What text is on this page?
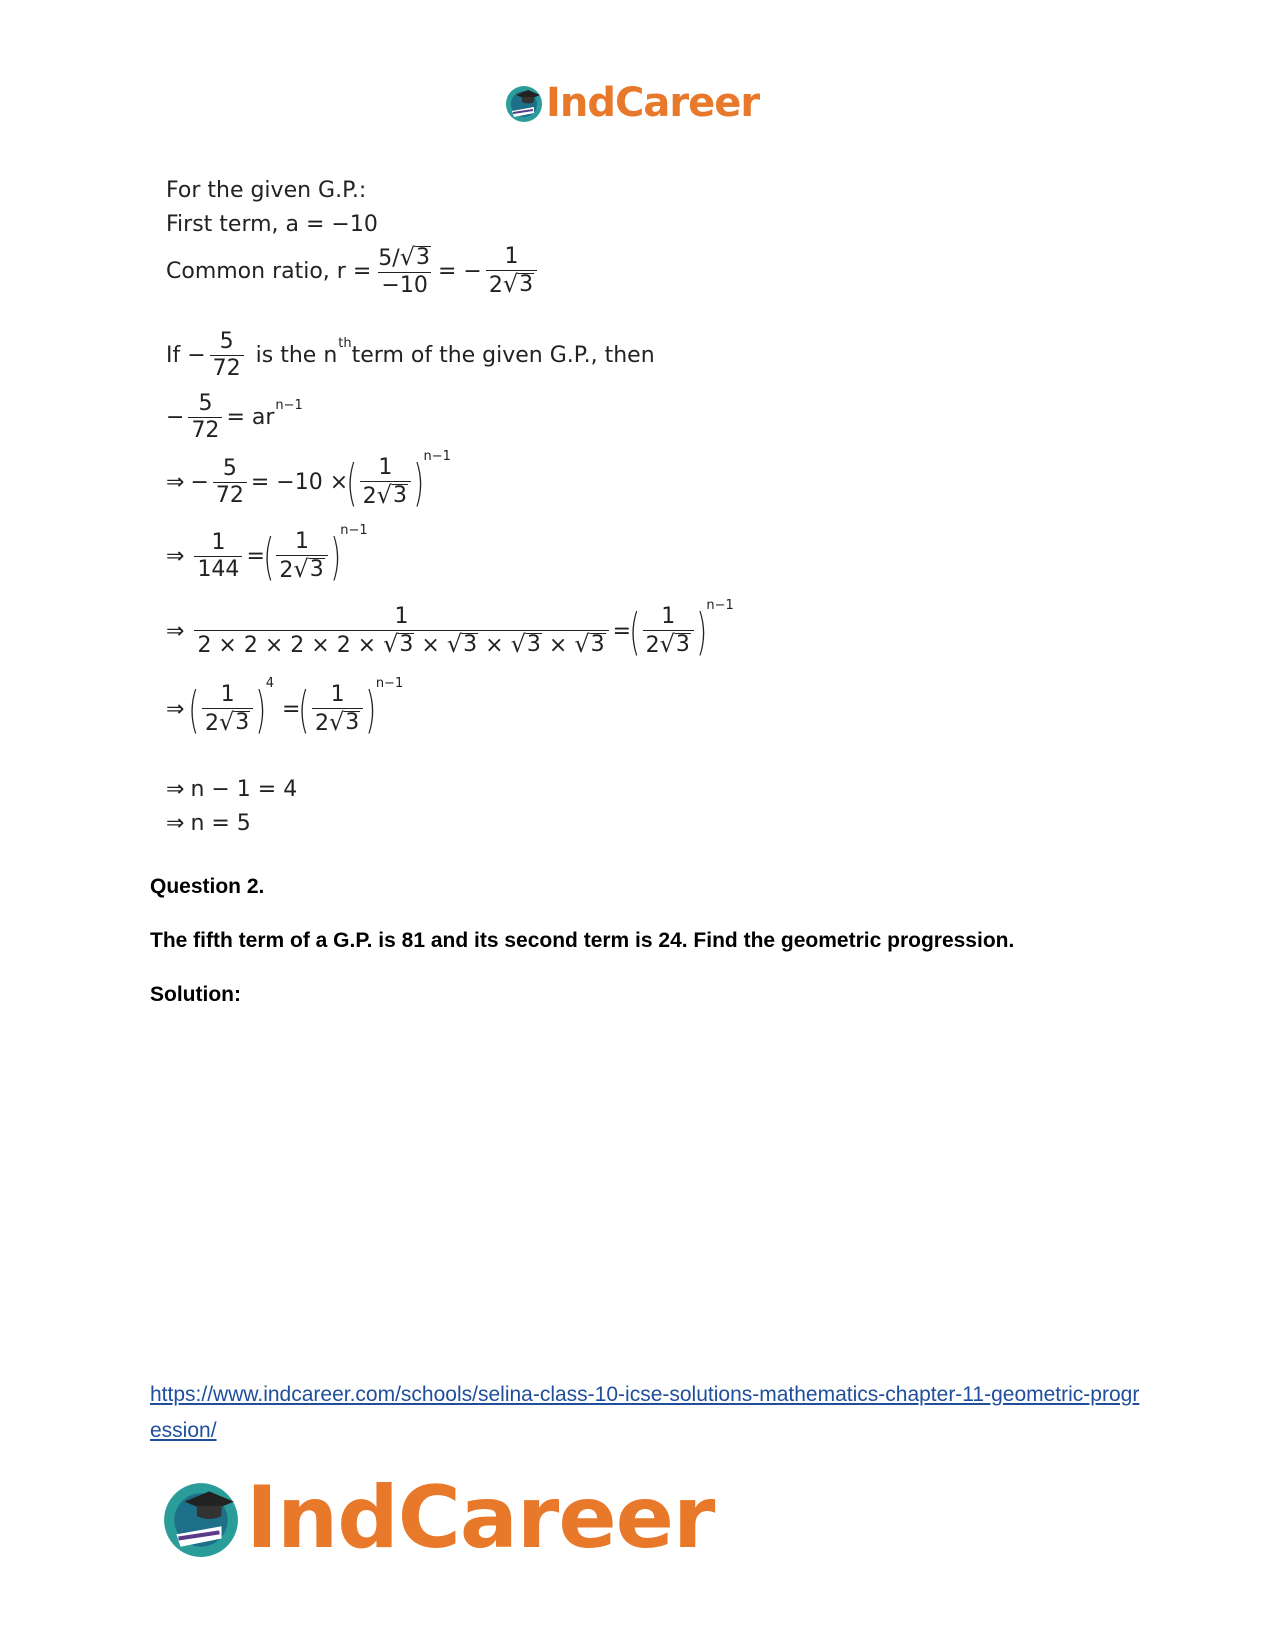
IndCareer
For the given G.P.:
First term, a = −10
Common ratio, $r = \frac{5/ √ 3}{-10}$ = − $\frac{1}{2 √ 3}$
$If - \frac{5}{72}$ is the n th term of the given G.P., then
− $\frac{5}{72}$ = ar n−1
⇒ − $\frac{5}{72} = -10$ ×
( $\frac{1}{2 √ 3}$ ) n−1
⇒ $\frac{1}{144}$ =
( $\frac{1}{2 √ 3}$ ) n−1
⇒
1
2 × 2 × 2 × 2 × √ 3 × √ 3 × √ 3 × √ 3
=
( $\frac{1}{2 √ 3}$ ) n−1
⇒ ( $\frac{1}{2 √ 3}$ ) 4
=
( $\frac{1}{2 √ 3}$ ) n−1
⇒ n − 1 = 4
⇒ n = 5
Question 2.
The fifth term of a G.P. is 81 and its second term is 24. Find the geometric progression.
Solution:
https://www.indcareer.com/schools/selina-class-10-icse-solutions-mathematics-chapter-11-geometric-progression/
IndCareer
